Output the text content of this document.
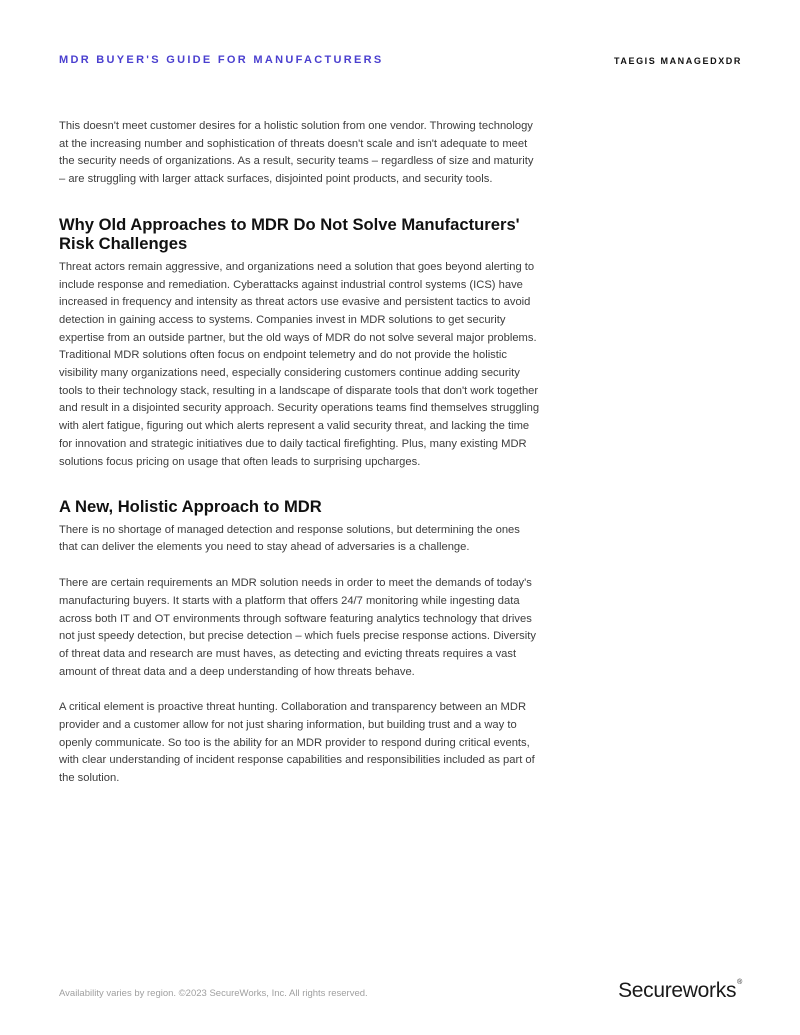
MDR BUYER'S GUIDE FOR MANUFACTURERS	TAEGIS MANAGEDXDR

This doesn't meet customer desires for a holistic solution from one vendor. Throwing technology at the increasing number and sophistication of threats doesn't scale and isn't adequate to meet the security needs of organizations. As a result, security teams – regardless of size and maturity – are struggling with larger attack surfaces, disjointed point products, and security tools.

Why Old Approaches to MDR Do Not Solve Manufacturers' Risk Challenges

Threat actors remain aggressive, and organizations need a solution that goes beyond alerting to include response and remediation. Cyberattacks against industrial control systems (ICS) have increased in frequency and intensity as threat actors use evasive and persistent tactics to avoid detection in gaining access to systems. Companies invest in MDR solutions to get security expertise from an outside partner, but the old ways of MDR do not solve several major problems. Traditional MDR solutions often focus on endpoint telemetry and do not provide the holistic visibility many organizations need, especially considering customers continue adding security tools to their technology stack, resulting in a landscape of disparate tools that don't work together and result in a disjointed security approach. Security operations teams find themselves struggling with alert fatigue, figuring out which alerts represent a valid security threat, and lacking the time for innovation and strategic initiatives due to daily tactical firefighting. Plus, many existing MDR solutions focus pricing on usage that often leads to surprising upcharges.

A New, Holistic Approach to MDR

There is no shortage of managed detection and response solutions, but determining the ones that can deliver the elements you need to stay ahead of adversaries is a challenge.

There are certain requirements an MDR solution needs in order to meet the demands of today's manufacturing buyers. It starts with a platform that offers 24/7 monitoring while ingesting data across both IT and OT environments through software featuring analytics technology that drives not just speedy detection, but precise detection – which fuels precise response actions. Diversity of threat data and research are must haves, as detecting and evicting threats requires a vast amount of threat data and a deep understanding of how threats behave.

A critical element is proactive threat hunting. Collaboration and transparency between an MDR provider and a customer allow for not just sharing information, but building trust and a way to openly communicate. So too is the ability for an MDR provider to respond during critical events, with clear understanding of incident response capabilities and responsibilities included as part of the solution.

Availability varies by region. ©2023 SecureWorks, Inc. All rights reserved.	Secureworks®
